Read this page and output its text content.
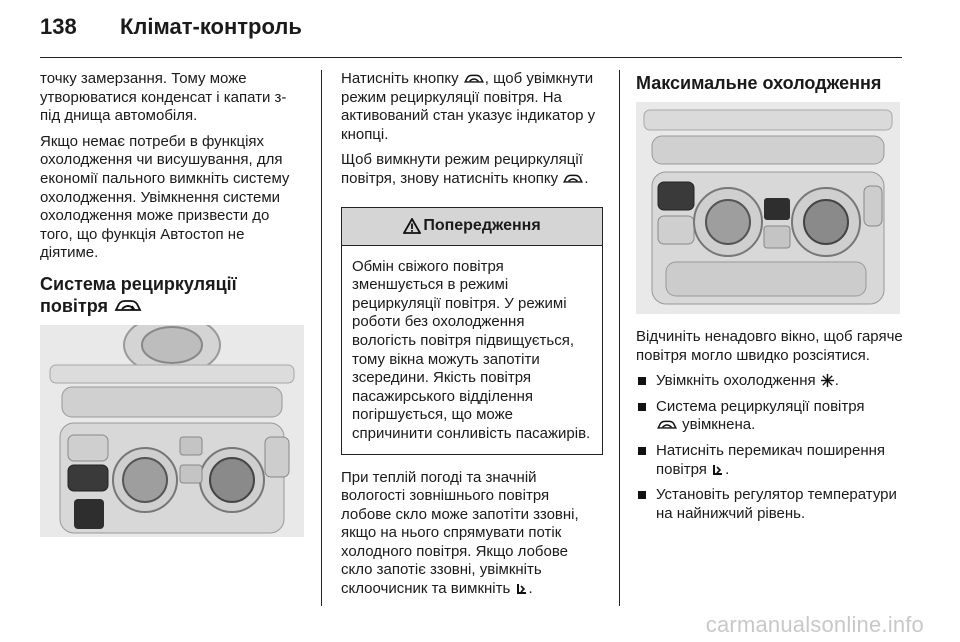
138	Клімат-контроль

точку замерзання. Тому може утворюватися конденсат і капати з-під днища автомобіля.

Якщо немає потреби в функціях охолодження чи висушування, для економії пального вимкніть систему охолодження. Увімкнення системи охолодження може призвести до того, що функція Автостоп не діятиме.

Система рециркуляції
повітря

Натисніть кнопку , щоб увімкнути режим рециркуляції повітря. На активований стан указує індикатор у кнопці.

Щоб вимкнути режим рециркуляції повітря, знову натисніть кнопку .

Попередження
Обмін свіжого повітря зменшується в режимі рециркуляції повітря. У режимі роботи без охолодження вологість повітря підвищується, тому вікна можуть запотіти зсередини. Якість повітря пасажирського відділення погіршується, що може спричинити сонливість пасажирів.

При теплій погоді та значній вологості зовнішнього повітря лобове скло може запотіти ззовні, якщо на нього спрямувати потік холодного повітря. Якщо лобове скло запотіє ззовні, увімкніть склоочисник та вимкніть .

Максимальне охолодження

Відчиніть ненадовго вікно, щоб гаряче повітря могло швидко розсіятися.

Увімкніть охолодження .
Система рециркуляції повітря
увімкнена.
Натисніть перемикач поширення повітря .
Установіть регулятор температури на найнижчий рівень.
carmanualsonline.info
